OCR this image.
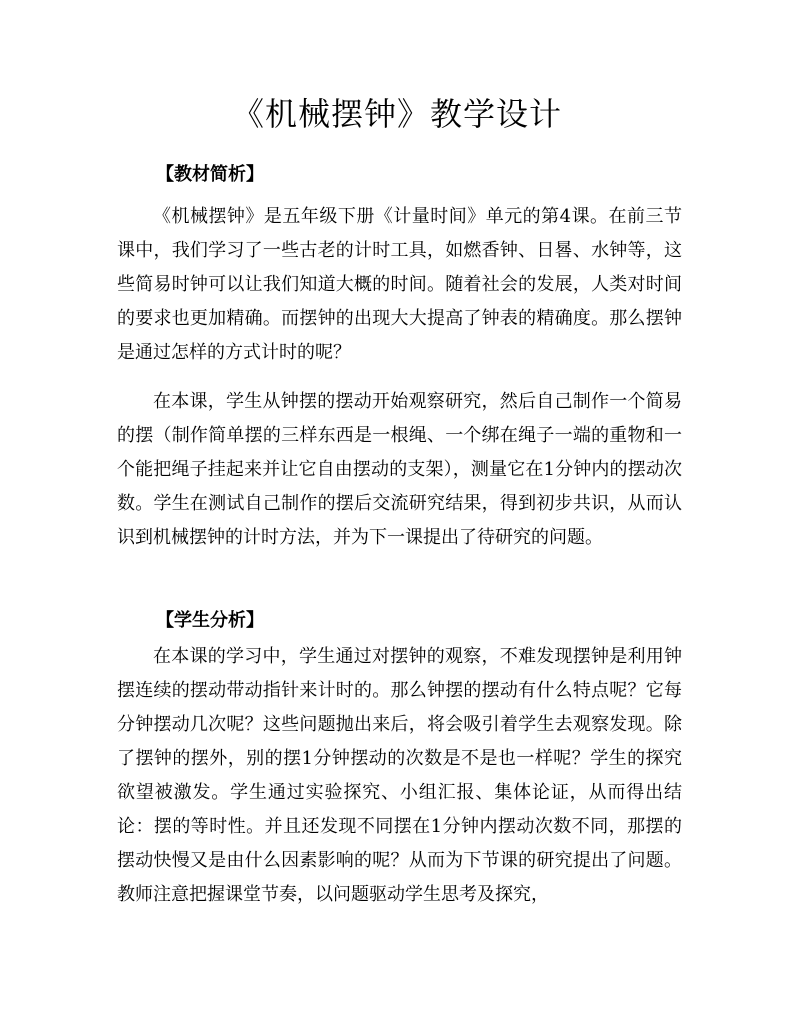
《机械摆钟》教学设计
【教材简析】

《机械摆钟》是五年级下册《计量时间》单元的第4课。在前三节课中，我们学习了一些古老的计时工具，如燃香钟、日晷、水钟等，这些简易时钟可以让我们知道大概的时间。随着社会的发展，人类对时间的要求也更加精确。而摆钟的出现大大提高了钟表的精确度。那么摆钟是通过怎样的方式计时的呢？

在本课，学生从钟摆的摆动开始观察研究，然后自己制作一个简易的摆（制作简单摆的三样东西是一根绳、一个绑在绳子一端的重物和一个能把绳子挂起来并让它自由摆动的支架），测量它在1分钟内的摆动次数。学生在测试自己制作的摆后交流研究结果，得到初步共识，从而认识到机械摆钟的计时方法，并为下一课提出了待研究的问题。

【学生分析】

在本课的学习中，学生通过对摆钟的观察，不难发现摆钟是利用钟摆连续的摆动带动指针来计时的。那么钟摆的摆动有什么特点呢？它每分钟摆动几次呢？这些问题抛出来后，将会吸引着学生去观察发现。除了摆钟的摆外，别的摆1分钟摆动的次数是不是也一样呢？学生的探究欲望被激发。学生通过实验探究、小组汇报、集体论证，从而得出结论：摆的等时性。并且还发现不同摆在1分钟内摆动次数不同，那摆的摆动快慢又是由什么因素影响的呢？从而为下节课的研究提出了问题。教师注意把握课堂节奏，以问题驱动学生思考及探究，
